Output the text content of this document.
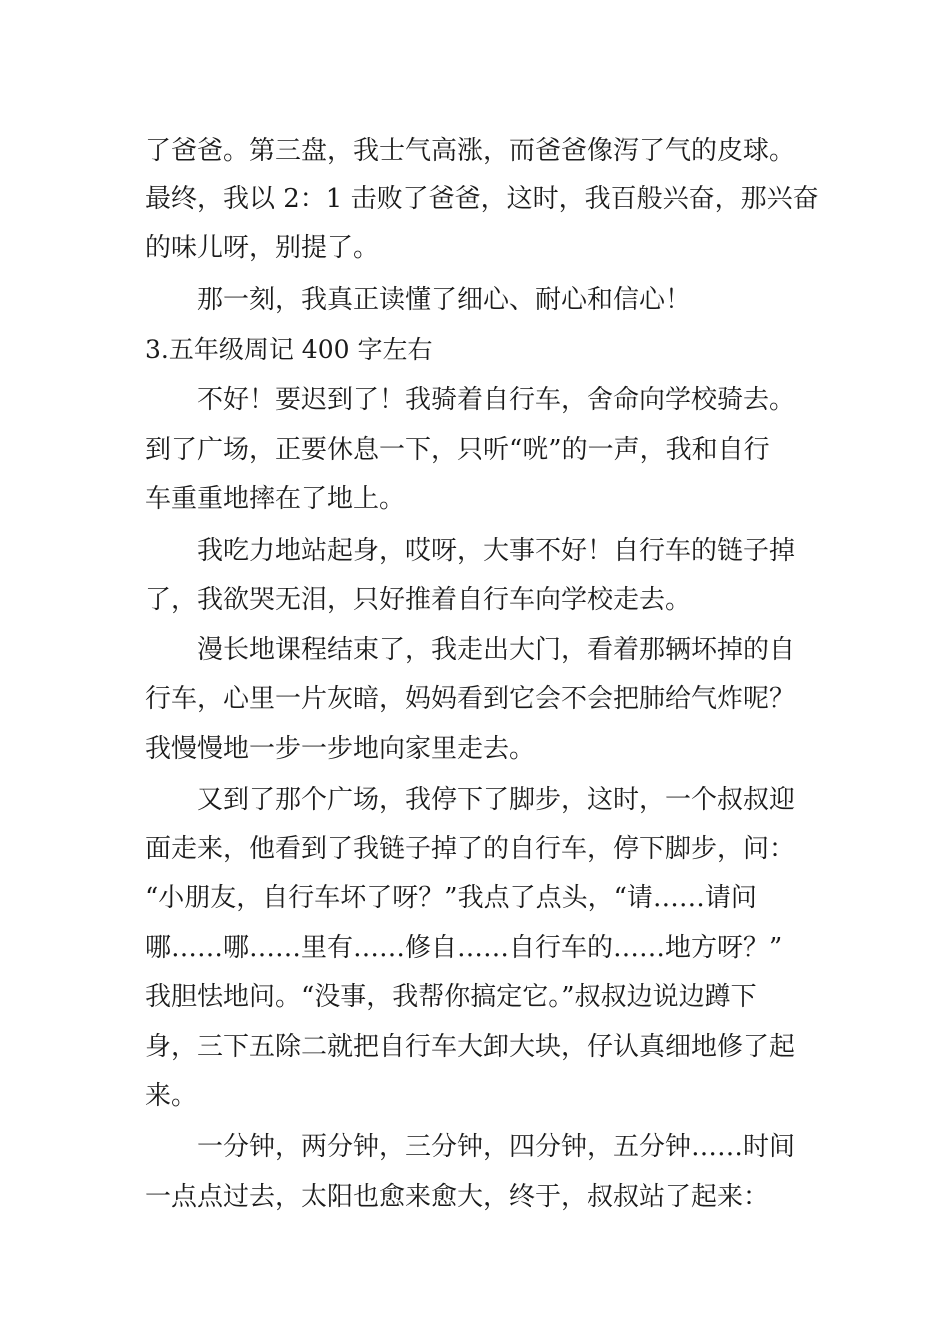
了爸爸。第三盘，我士气高涨，而爸爸像泻了气的皮球。
最终，我以 2：1 击败了爸爸，这时，我百般兴奋，那兴奋
的味儿呀，别提了。
那一刻，我真正读懂了细心、耐心和信心！
3.五年级周记 400 字左右
不好！要迟到了！我骑着自行车，舍命向学校骑去。
到了广场，正要休息一下，只听“咣”的一声，我和自行
车重重地摔在了地上。
我吃力地站起身，哎呀，大事不好！自行车的链子掉
了，我欲哭无泪，只好推着自行车向学校走去。
漫长地课程结束了，我走出大门，看着那辆坏掉的自
行车，心里一片灰暗，妈妈看到它会不会把肺给气炸呢？
我慢慢地一步一步地向家里走去。
又到了那个广场，我停下了脚步，这时，一个叔叔迎
面走来，他看到了我链子掉了的自行车，停下脚步，问：
“小朋友，自行车坏了呀？”我点了点头，“请……请问
哪……哪……里有……修自……自行车的……地方呀？”
我胆怯地问。“没事，我帮你搞定它。”叔叔边说边蹲下
身，三下五除二就把自行车大卸大块，仔认真细地修了起
来。
一分钟，两分钟，三分钟，四分钟，五分钟……时间
一点点过去，太阳也愈来愈大，终于，叔叔站了起来：
